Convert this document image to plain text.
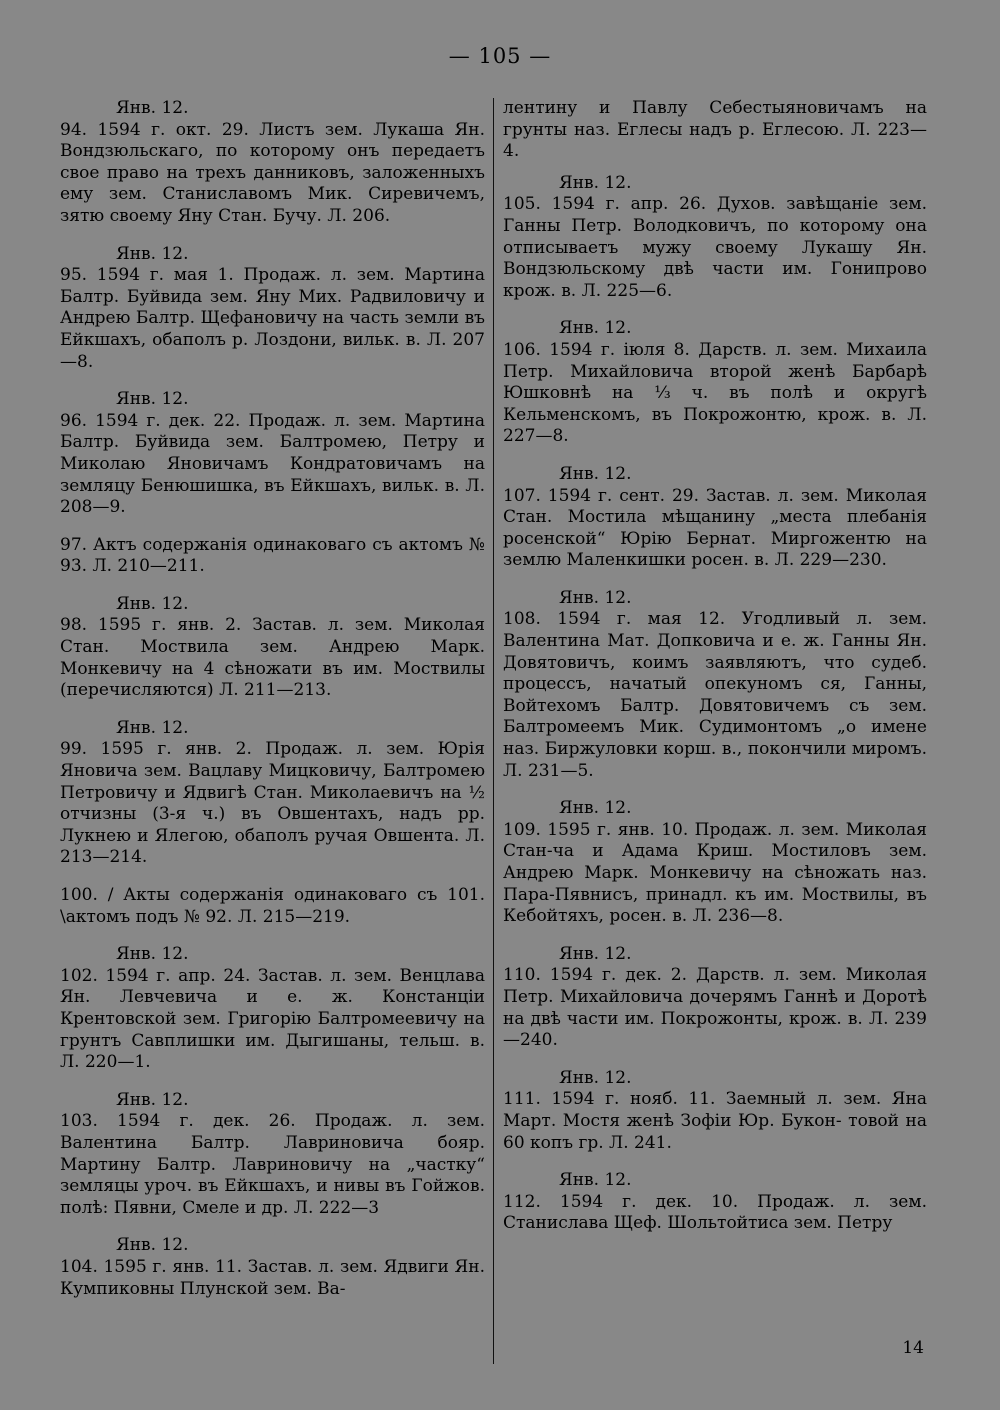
— 105 —
Янв. 12.
94. 1594 г. окт. 29. Листъ зем. Лукаша Ян. Вондзюльскаго, по которому онъ передаетъ свое право на трехъ данниковъ, заложенныхъ ему зем. Станиславомъ Мик. Сиревичемъ, зятю своему Яну Стан. Бучу. Л. 206.
Янв. 12.
95. 1594 г. мая 1. Продаж. л. зем. Мартина Балтр. Буйвида зем. Яну Мих. Радвиловичу и Андрею Балтр. Щефановичу на часть земли въ Ейкшахъ, обаполъ р. Лоздони, вильк. в. Л. 207—8.
Янв. 12.
96. 1594 г. дек. 22. Продаж. л. зем. Мартина Балтр. Буйвида зем. Балтромею, Петру и Миколаю Яновичамъ Кондратовичамъ на земляцу Бенюшишка, въ Ейкшахъ, вильк. в. Л. 208—9.
97. Актъ содержанія одинаковаго съ актомъ № 93. Л. 210—211.
Янв. 12.
98. 1595 г. янв. 2. Застав. л. зем. Миколая Стан. Моствила зем. Андрею Марк. Монкевичу на 4 сѣножати въ им. Моствилы (перечисляются) Л. 211—213.
Янв. 12.
99. 1595 г. янв. 2. Продаж. л. зем. Юрія Яновича зем. Вацлаву Мицковичу, Балтромею Петровичу и Ядвигѣ Стан. Миколаевичъ на ½ отчизны (3-я ч.) въ Овшентахъ, надъ рр. Лукнею и Ялегою, обаполъ ручая Овшента. Л. 213—214.
100. / Акты содержанія одинаковаго съ 101. \актомъ подъ № 92. Л. 215—219.
Янв. 12.
102. 1594 г. апр. 24. Застав. л. зем. Венцлава Ян. Левчевича и е. ж. Констанціи Крентовской зем. Григорію Балтромеевичу на грунтъ Савплишки им. Дыгишаны, тельш. в. Л. 220—1.
Янв. 12.
103. 1594 г. дек. 26. Продаж. л. зем. Валентина Балтр. Лавриновича бояр. Мартину Балтр. Лавриновичу на „частку“ земляцы уроч. въ Ейкшахъ, и нивы въ Гойжов. полѣ: Пявни, Смеле и др. Л. 222—3
Янв. 12.
104. 1595 г. янв. 11. Застав. л. зем. Ядвиги Ян. Кумпиковны Плунской зем. Ва-
лентину и Павлу Себестыяновичамъ на грунты наз. Еглесы надъ р. Еглесою. Л. 223—4.
Янв. 12.
105. 1594 г. апр. 26. Духов. завѣщаніе зем. Ганны Петр. Володковичъ, по которому она отписываетъ мужу своему Лукашу Ян. Вондзюльскому двѣ части им. Гонипрово крож. в. Л. 225—6.
Янв. 12.
106. 1594 г. іюля 8. Дарств. л. зем. Михаила Петр. Михайловича второй женѣ Барбарѣ Юшковнѣ на ⅓ ч. въ полѣ и округѣ Кельменскомъ, въ Покрожонтю, крож. в. Л. 227—8.
Янв. 12.
107. 1594 г. сент. 29. Застав. л. зем. Миколая Стан. Мостила мѣщанину „места плебанія росенской“ Юрію Бернат. Миргожентю на землю Маленкишки росен. в. Л. 229—230.
Янв. 12.
108. 1594 г. мая 12. Угодливый л. зем. Валентина Мат. Допковича и е. ж. Ганны Ян. Довятовичъ, коимъ заявляютъ, что судеб. процессъ, начатый опекуномъ ся, Ганны, Войтехомъ Балтр. Довятовичемъ съ зем. Балтромеемъ Мик. Судимонтомъ „о имене наз. Биржуловки корш. в., покончили миромъ. Л. 231—5.
Янв. 12.
109. 1595 г. янв. 10. Продаж. л. зем. Миколая Стан-ча и Адама Криш. Мостиловъ зем. Андрею Марк. Монкевичу на сѣножать наз. Пара-Пявнисъ, принадл. къ им. Моствилы, въ Кебойтяхъ, росен. в. Л. 236—8.
Янв. 12.
110. 1594 г. дек. 2. Дарств. л. зем. Миколая Петр. Михайловича дочерямъ Ганнѣ и Доротѣ на двѣ части им. Покрожонты, крож. в. Л. 239—240.
Янв. 12.
111. 1594 г. нояб. 11. Заемный л. зем. Яна Март. Мостя женѣ Зофіи Юр. Букон- товой на 60 копъ гр. Л. 241.
Янв. 12.
112. 1594 г. дек. 10. Продаж. л. зем. Станислава Щеф. Шольтойтиса зем. Петру
14
